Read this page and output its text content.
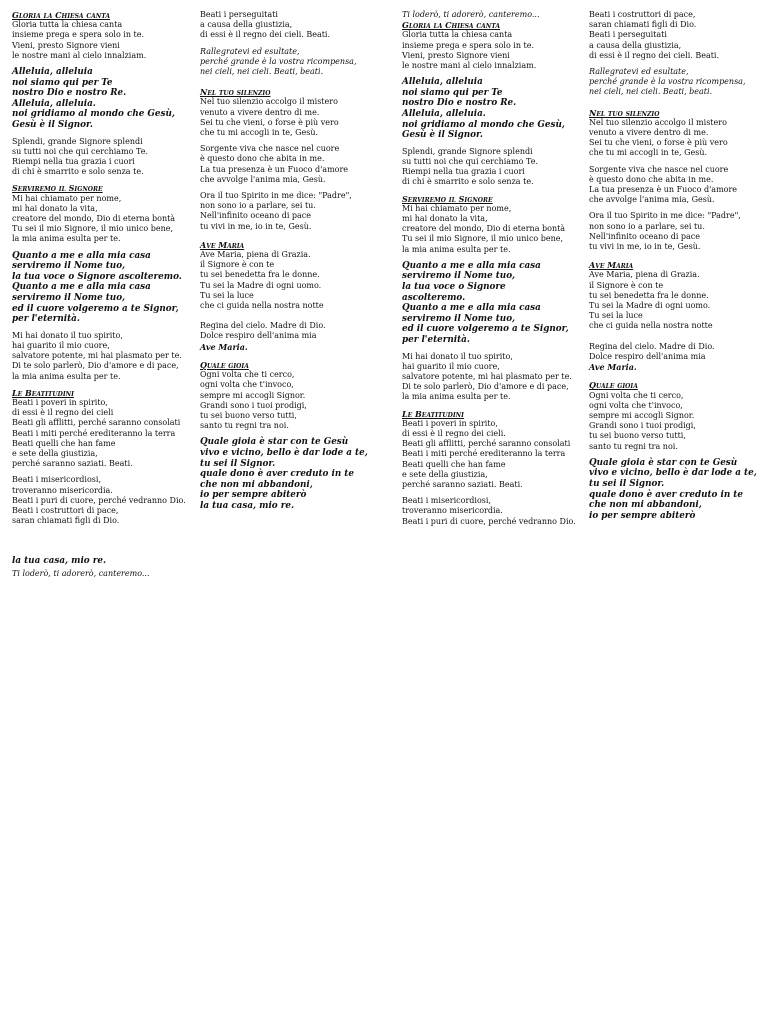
Gloria la Chiesa canta
Gloria tutta la chiesa canta
insieme prega e spera solo in te.
Vieni, presto Signore vieni
le nostre mani al cielo innalziam.
Alleluia, alleluia
noi siamo qui per Te
nostro Dio e nostro Re.
Alleluia, alleluia.
noi gridiamo al mondo che Gesù,
Gesù è il Signor.
Splendi, grande Signore splendi
su tutti noi che qui cerchiamo Te.
Riempi nella tua grazia i cuori
di chi è smarrito e solo senza te.
Serviremo il Signore
Mi hai chiamato per nome,
mi hai donato la vita,
creatore del mondo, Dio di eterna bontà
Tu sei il mio Signore, il mio unico bene,
la mia anima esulta per te.
Quanto a me e alla mia casa
serviremo il Nome tuo,
la tua voce o Signore ascolteremo.
Quanto a me e alla mia casa
serviremo il Nome tuo,
ed il cuore volgeremo a te Signor,
per l'eternità.
Mi hai donato il tuo spirito,
hai guarito il mio cuore,
salvatore potente, mi hai plasmato per te.
Di te solo parlerò, Dio d'amore e di pace,
la mia anima esulta per te.
Le Beatitudini
Beati i poveri in spirito,
di essi è il regno dei cieli
Beati gli afflitti, perché saranno consolati
Beati i miti perché erediteranno la terra
Beati quelli che han fame
e sete della giustizia,
perché saranno saziati. Beati.
Beati i misericordiosi,
troveranno misericordia.
Beati i puri di cuore, perché vedranno Dio.
Beati i costruttori di pace,
saran chiamati figli di Dio.
Beati i perseguitati
a causa della giustizia,
di essi è il regno dei cieli. Beati.
Rallegratevi ed esultate,
perché grande è la vostra ricompensa,
nei cieli, nei cieli. Beati, beati.
Nel tuo silenzio
Nel tuo silenzio accolgo il mistero
venuto a vivere dentro di me.
Sei tu che vieni, o forse è più vero
che tu mi accogli in te, Gesù.
Sorgente viva che nasce nel cuore
è questo dono che abita in me.
La tua presenza è un Fuoco d'amore
che avvolge l'anima mia, Gesù.
Ora il tuo Spirito in me dice: "Padre",
non sono io a parlare, sei tu.
Nell'infinito oceano di pace
tu vivi in me, io in te, Gesù.
Ave Maria
Ave Maria, piena di Grazia.
il Signore è con te
tu sei benedetta fra le donne.
Tu sei la Madre di ogni uomo.
Tu sei la luce
che ci guida nella nostra notte
Regina del cielo. Madre di Dio.
Dolce respiro dell'anima mia
Ave Maria.
Quale gioia
Ogni volta che ti cerco,
ogni volta che t'invoco,
sempre mi accogli Signor.
Grandi sono i tuoi prodigi,
tu sei buono verso tutti,
santo tu regni tra noi.
Quale gioia è star con te Gesù
vivo e vicino, bello è dar lode a te,
tu sei il Signor.
quale dono è aver creduto in te
che non mi abbandoni,
io per sempre abiterò
la tua casa, mio re.
la tua casa, mio re.
Ti loderò, ti adorerò, canteremo...
Ti loderò, ti adorerò, canteremo...
Gloria la Chiesa canta
Gloria tutta la chiesa canta
insieme prega e spera solo in te.
Vieni, presto Signore vieni
le nostre mani al cielo innalziam.
Alleluia, alleluia
noi siamo qui per Te
nostro Dio e nostro Re.
Alleluia, alleluia.
noi gridiamo al mondo che Gesù,
Gesù è il Signor.
Splendi, grande Signore splendi
su tutti noi che qui cerchiamo Te.
Riempi nella tua grazia i cuori
di chi è smarrito e solo senza te.
Serviremo il Signore
Mi hai chiamato per nome,
mi hai donato la vita,
creatore del mondo, Dio di eterna bontà
Tu sei il mio Signore, il mio unico bene,
la mia anima esulta per te.
Quanto a me e alla mia casa
serviremo il Nome tuo,
la tua voce o Signore
ascolteremo.
Quanto a me e alla mia casa
serviremo il Nome tuo,
ed il cuore volgeremo a te Signor,
per l'eternità.
Mi hai donato il tuo spirito,
hai guarito il mio cuore,
salvatore potente, mi hai plasmato per te.
Di te solo parlerò, Dio d'amore e di pace,
la mia anima esulta per te.
Le Beatitudini
Beati i poveri in spirito,
di essi è il regno dei cieli.
Beati gli afflitti, perché saranno consolati
Beati i miti perché erediteranno la terra
Beati quelli che han fame
e sete della giustizia,
perché saranno saziati. Beati.
Beati i misericordiosi,
troveranno misericordia.
Beati i puri di cuore, perché vedranno Dio.
Beati i costruttori di pace,
saran chiamati figli di Dio.
Beati i perseguitati
a causa della giustizia,
di essi è il regno dei cieli. Beati.
Rallegratevi ed esultate,
perché grande è la vostra ricompensa,
nei cieli, nei cieli. Beati, beati.
Nel tuo silenzio
Nel tuo silenzio accolgo il mistero
venuto a vivere dentro di me.
Sei tu che vieni, o forse è più vero
che tu mi accogli in te, Gesù.
Sorgente viva che nasce nel cuore
è questo dono che abita in me.
La tua presenza è un Fuoco d'amore
che avvolge l'anima mia, Gesù.
Ora il tuo Spirito in me dice: "Padre",
non sono io a parlare, sei tu.
Nell'infinito oceano di pace
tu vivi in me, io in te, Gesù.
Ave Maria
Ave Maria, piena di Grazia.
il Signore è con te
tu sei benedetta fra le donne.
Tu sei la Madre di ogni uomo.
Tu sei la luce
che ci guida nella nostra notte
Regina del cielo. Madre di Dio.
Dolce respiro dell'anima mia
Ave Maria.
Quale gioia
Ogni volta che ti cerco,
ogni volta che t'invoco,
sempre mi accogli Signor.
Grandi sono i tuoi prodigi,
tu sei buono verso tutti,
santo tu regni tra noi.
Quale gioia è star con te Gesù
vivo e vicino, bello è dar lode a te,
tu sei il Signor.
quale dono è aver creduto in te
che non mi abbandoni,
io per sempre abiterò
